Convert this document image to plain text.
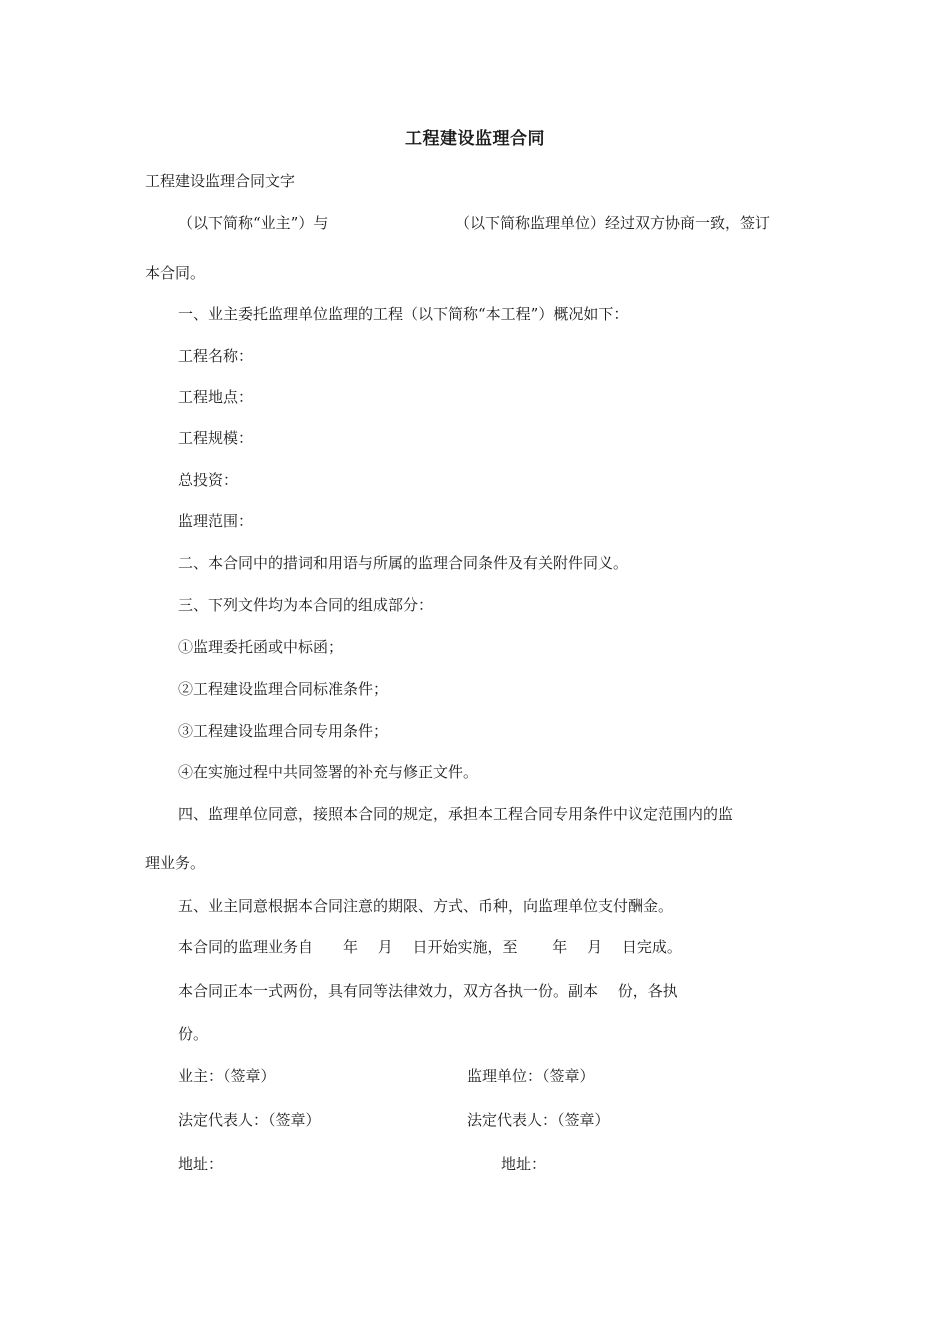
工程建设监理合同
工程建设监理合同文字
（以下简称“业主”）与	（以下简称监理单位）经过双方协商一致，签订
本合同。
一、业主委托监理单位监理的工程（以下简称“本工程”）概况如下：
工程名称：
工程地点：
工程规模：
总投资：
监理范围：
二、本合同中的措词和用语与所属的监理合同条件及有关附件同义。
三、下列文件均为本合同的组成部分：
①监理委托函或中标函；
②工程建设监理合同标准条件；
③工程建设监理合同专用条件；
④在实施过程中共同签署的补充与修正文件。
四、监理单位同意，接照本合同的规定，承担本工程合同专用条件中议定范围内的监
理业务。
五、业主同意根据本合同注意的期限、方式、币种，向监理单位支付酬金。
本合同的监理业务自　　年　 月　 日开始实施，至　　 年　 月　 日完成。
本合同正本一式两份，具有同等法律效力，双方各执一份。副本　 份，各执
份。
业主：（签章）	监理单位：（签章）
法定代表人：（签章）	法定代表人：（签章）
地址：	地址：
